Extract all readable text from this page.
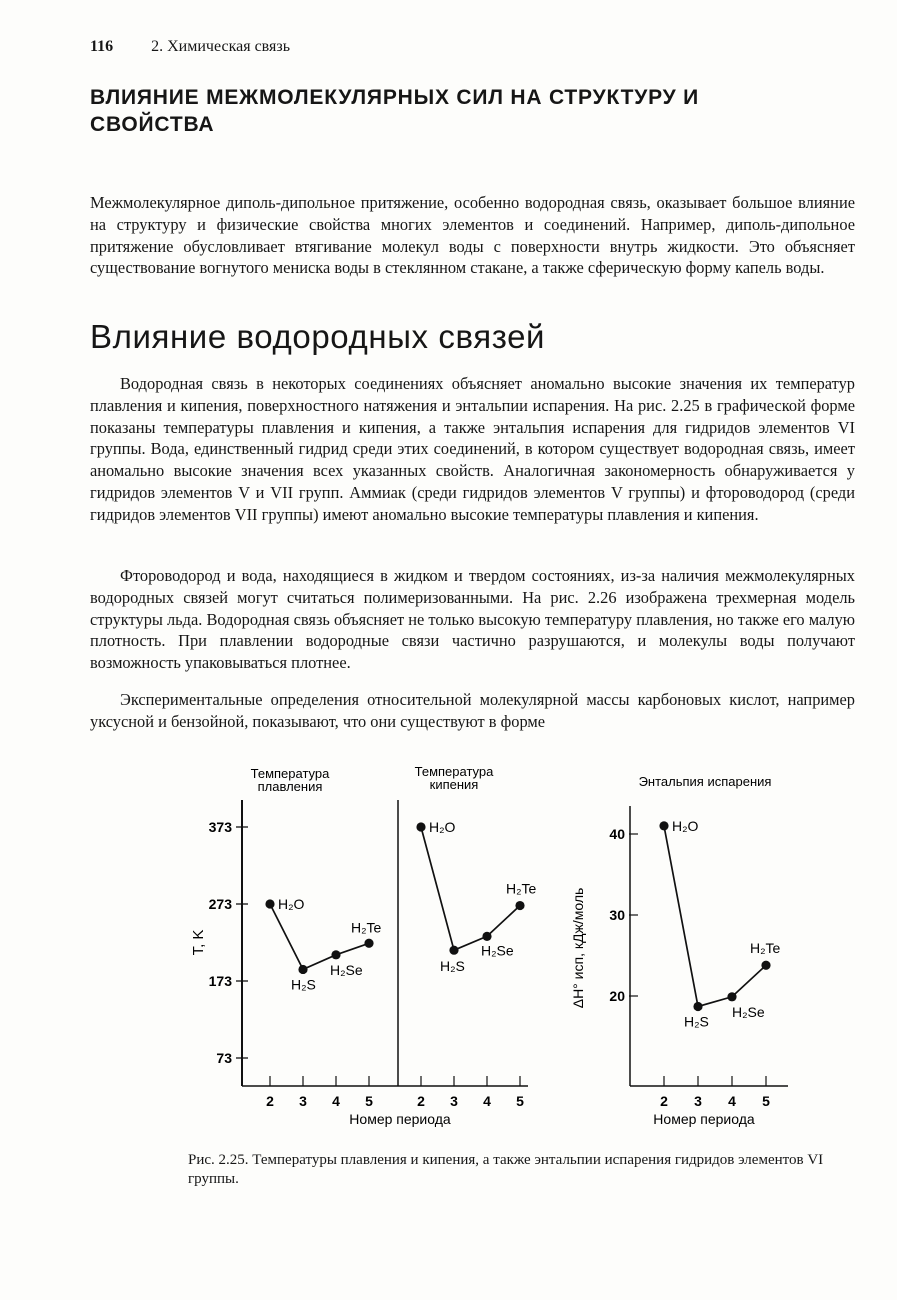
116 2. Химическая связь
ВЛИЯНИЕ МЕЖМОЛЕКУЛЯРНЫХ СИЛ НА СТРУКТУРУ И СВОЙСТВА

Межмолекулярное диполь-дипольное притяжение, особенно водородная связь, оказывает большое влияние на структуру и физические свойства многих элементов и соединений. Например, диполь-дипольное притяжение обусловливает втягивание молекул воды с поверхности внутрь жидкости. Это объясняет существование вогнутого мениска воды в стеклянном стакане, а также сферическую форму капель воды.

Влияние водородных связей

Водородная связь в некоторых соединениях объясняет аномально высокие значения их температур плавления и кипения, поверхностного натяжения и энтальпии испарения. На рис. 2.25 в графической форме показаны температуры плавления и кипения, а также энтальпия испарения для гидридов элементов VI группы. Вода, единственный гидрид среди этих соединений, в котором существует водородная связь, имеет аномально высокие значения всех указанных свойств. Аналогичная закономерность обнаруживается у гидридов элементов V и VII групп. Аммиак (среди гидридов элементов V группы) и фтороводород (среди гидридов элементов VII группы) имеют аномально высокие температуры плавления и кипения.

Фтороводород и вода, находящиеся в жидком и твердом состояниях, из-за наличия межмолекулярных водородных связей могут считаться полимеризованными. На рис. 2.26 изображена трехмерная модель структуры льда. Водородная связь объясняет не только высокую температуру плавления, но также его малую плотность. При плавлении водородные связи частично разрушаются, и молекулы воды получают возможность упаковываться плотнее.

Экспериментальные определения относительной молекулярной массы карбоновых кислот, например уксусной и бензойной, показывают, что они существуют в форме

73
173
273
373
T, K
Температура
плавления
Температура
кипения
H₂O
H₂S
H₂Se
H₂Te
2 3 4 5
H₂O
H₂S
H₂Se
H₂Te
2 3 4 5
Номер периода
20
30
40
ΔH° исп, кДж/моль
Энтальпия испарения
H₂O
H₂S
H₂Se
H₂Te
2 3 4 5
Номер периода

Рис. 2.25. Температуры плавления и кипения, а также энтальпии испарения гидридов элементов VI группы.
